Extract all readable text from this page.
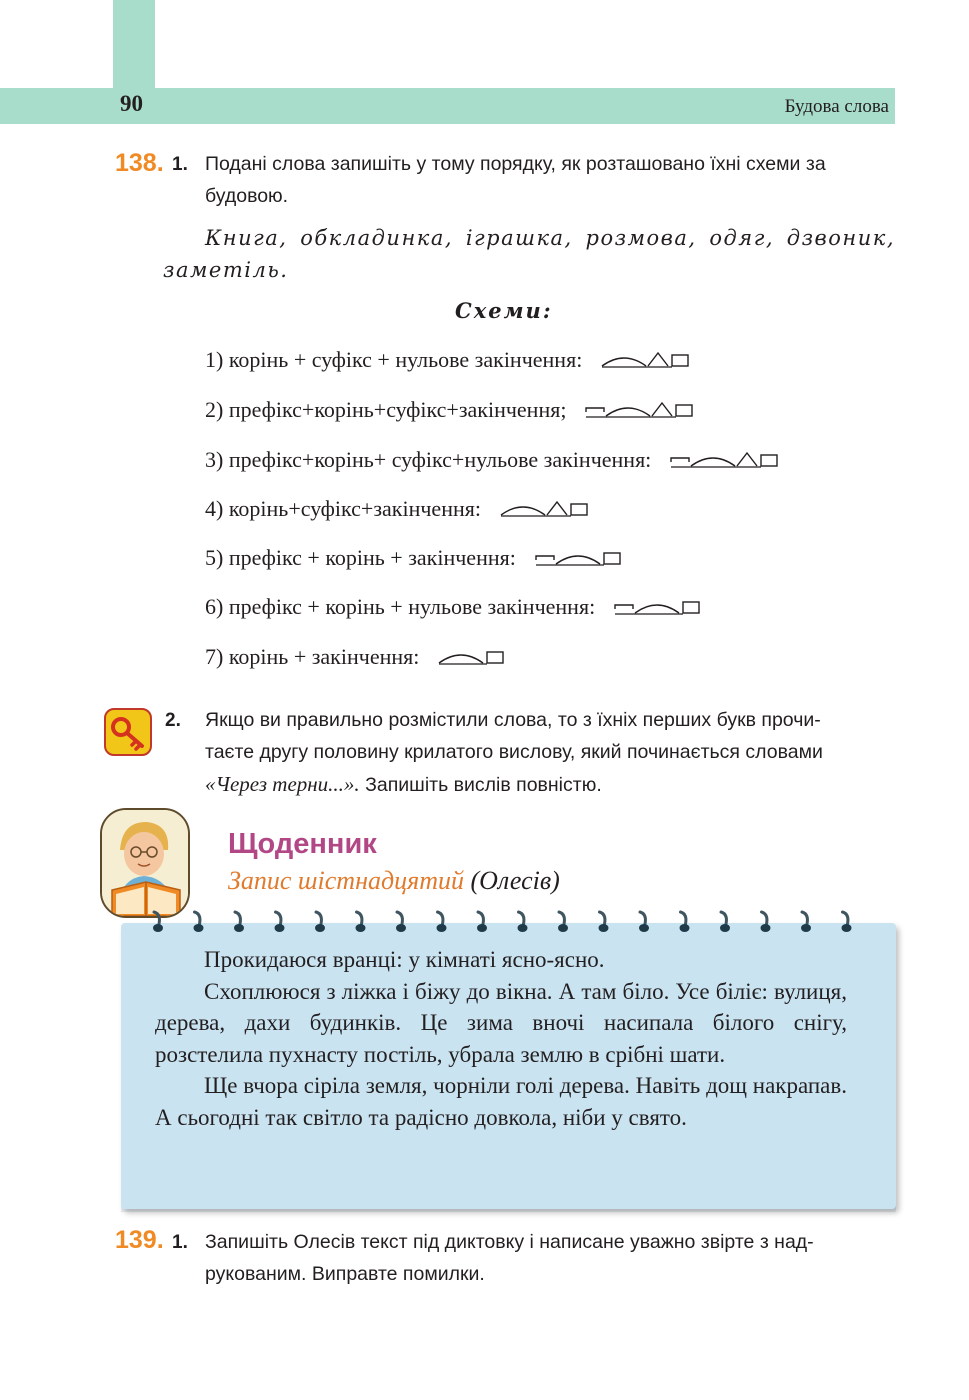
90	Будова слова
138. 1. Подані слова запишіть у тому порядку, як розташовано їхні схеми за
будовою.
Книга, обкладинка, іграшка, розмова, одяг, дзвоник,
заметіль.
Схеми:
1) корінь + суфікс + нульове закінчення:
2) префікс+корінь+суфікс+закінчення;
3) префікс+корінь+ суфікс+нульове закінчення:
4) корінь+суфікс+закінчення:
5) префікс + корінь + закінчення:
6) префікс + корінь + нульове закінчення:
7) корінь + закінчення:
2. Якщо ви правильно розмістили слова, то з їхніх перших букв прочи-
таєте другу половину крилатого вислову, який починається словами
«Через терни...». Запишіть вислів повністю.
Щоденник
Запис шістнадцятий (Олесів)

Прокидаюся вранці: у кімнаті ясно-ясно.

Схоплююся з ліжка і біжу до вікна. А там біло. Усе біліє: вулиця, дерева, дахи будинків. Це зима вночі насипала білого снігу, розстелила пухнасту постіль, убрала землю в срібні шати.

Ще вчора сіріла земля, чорніли голі дерева. Навіть дощ накрапав. А сьогодні так світло та радісно довкола, ніби у свято.

139. 1. Запишіть Олесів текст під диктовку і написане уважно звірте з над-
рукованим. Виправте помилки.
